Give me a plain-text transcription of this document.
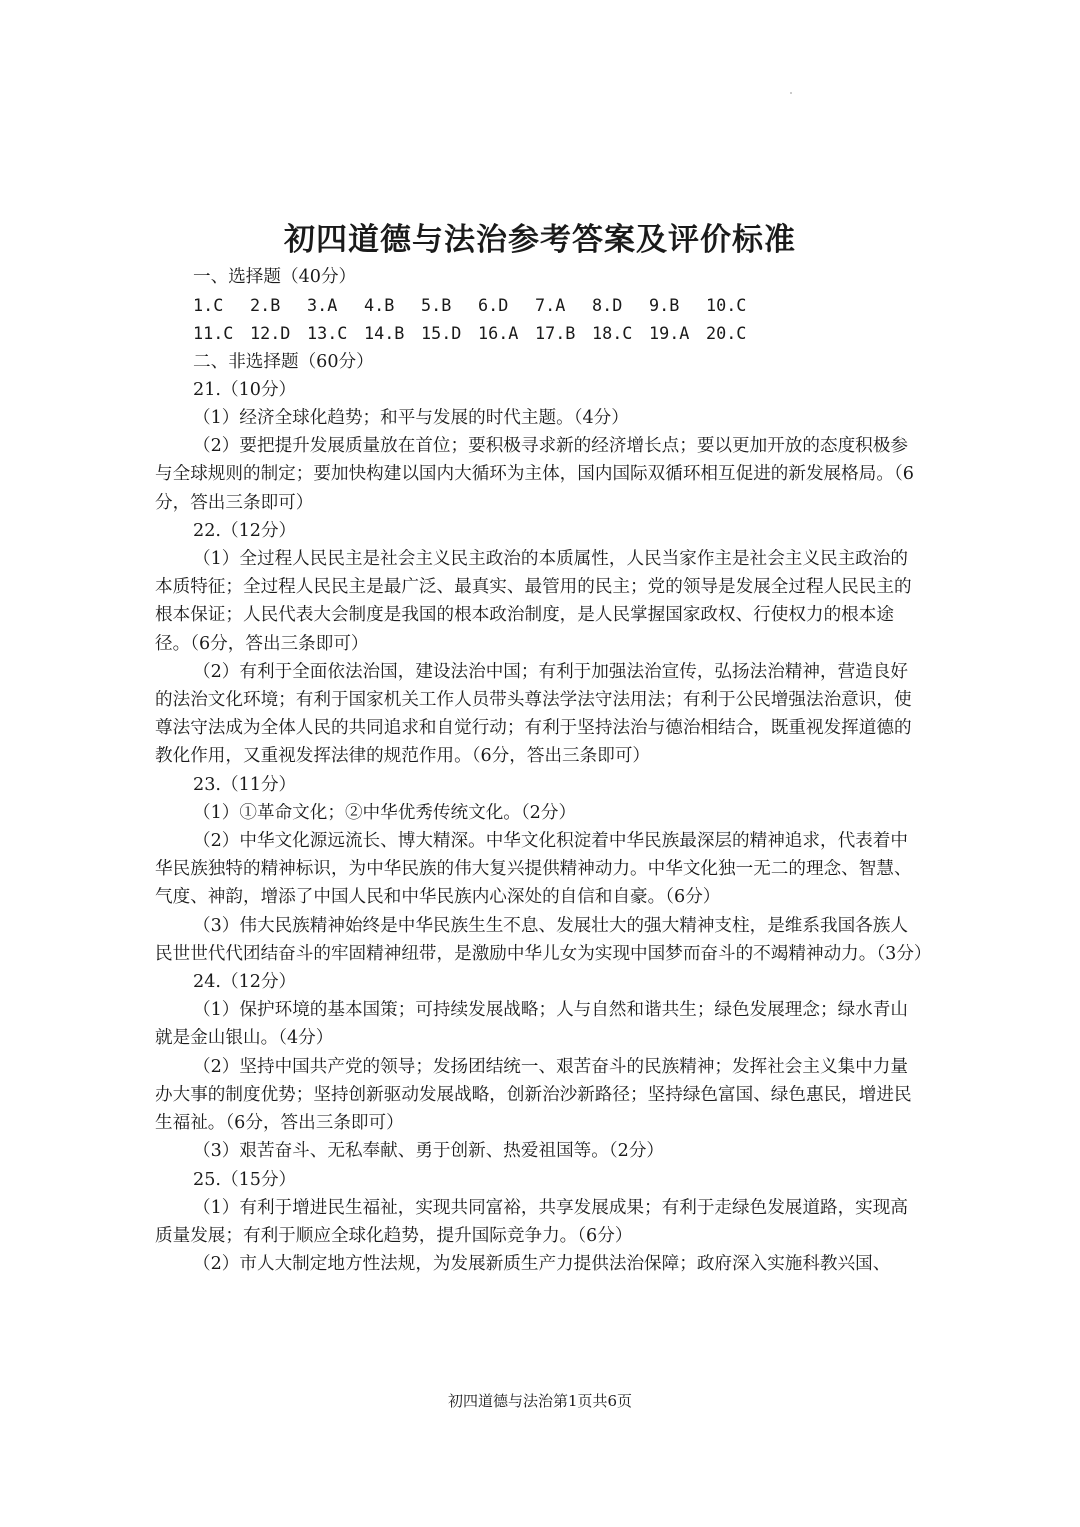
初四道德与法治参考答案及评价标准

一、选择题（40分）

1.C	2.B	3.A	4.B	5.B	6.D	7.A	8.D	9.B	10.C
11.C 12.D 13.C 14.B 15.D 16.A 17.B 18.C 19.A 20.C

二、非选择题（60分）

21.（10分）

（1）经济全球化趋势；和平与发展的时代主题。（4分）

（2）要把提升发展质量放在首位；要积极寻求新的经济增长点；要以更加开放的态度积极参与全球规则的制定；要加快构建以国内大循环为主体，国内国际双循环相互促进的新发展格局。（6分，答出三条即可）

22.（12分）

（1）全过程人民民主是社会主义民主政治的本质属性，人民当家作主是社会主义民主政治的本质特征；全过程人民民主是最广泛、最真实、最管用的民主；党的领导是发展全过程人民民主的根本保证；人民代表大会制度是我国的根本政治制度，是人民掌握国家政权、行使权力的根本途径。（6分，答出三条即可）

（2）有利于全面依法治国，建设法治中国；有利于加强法治宣传，弘扬法治精神，营造良好的法治文化环境；有利于国家机关工作人员带头尊法学法守法用法；有利于公民增强法治意识，使尊法守法成为全体人民的共同追求和自觉行动；有利于坚持法治与德治相结合，既重视发挥道德的教化作用，又重视发挥法律的规范作用。（6分，答出三条即可）

23.（11分）

（1）①革命文化；②中华优秀传统文化。（2分）

（2）中华文化源远流长、博大精深。中华文化积淀着中华民族最深层的精神追求，代表着中华民族独特的精神标识，为中华民族的伟大复兴提供精神动力。中华文化独一无二的理念、智慧、气度、神韵，增添了中国人民和中华民族内心深处的自信和自豪。（6分）

（3）伟大民族精神始终是中华民族生生不息、发展壮大的强大精神支柱，是维系我国各族人民世世代代团结奋斗的牢固精神纽带，是激励中华儿女为实现中国梦而奋斗的不竭精神动力。（3分）

24.（12分）

（1）保护环境的基本国策；可持续发展战略；人与自然和谐共生；绿色发展理念；绿水青山就是金山银山。（4分）

（2）坚持中国共产党的领导；发扬团结统一、艰苦奋斗的民族精神；发挥社会主义集中力量办大事的制度优势；坚持创新驱动发展战略，创新治沙新路径；坚持绿色富国、绿色惠民，增进民生福祉。（6分，答出三条即可）

（3）艰苦奋斗、无私奉献、勇于创新、热爱祖国等。（2分）

25.（15分）

（1）有利于增进民生福祉，实现共同富裕，共享发展成果；有利于走绿色发展道路，实现高质量发展；有利于顺应全球化趋势，提升国际竞争力。（6分）

（2）市人大制定地方性法规，为发展新质生产力提供法治保障；政府深入实施科教兴国、

初四道德与法治第1页共6页
